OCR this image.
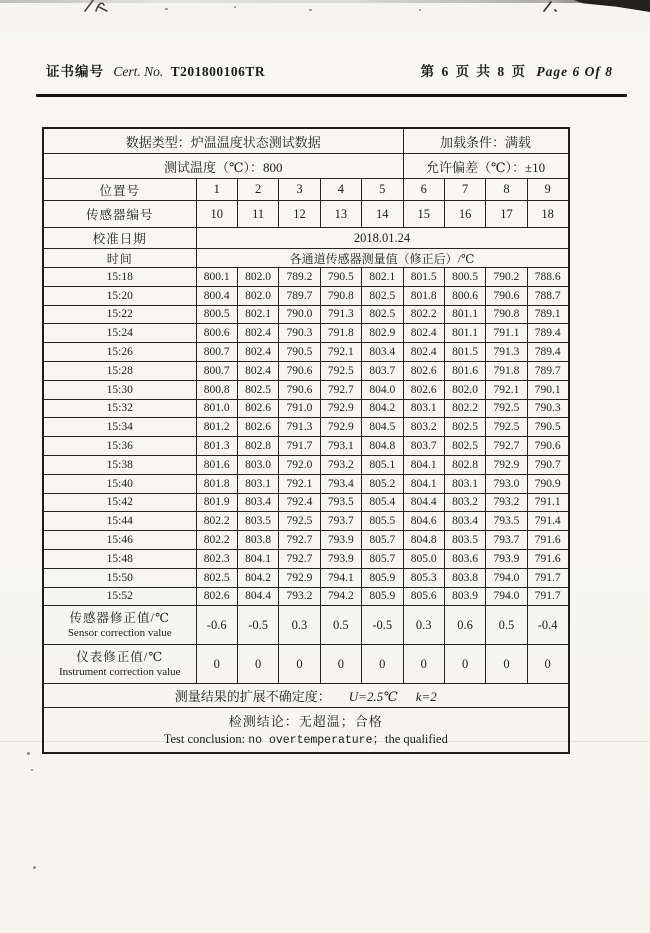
证书编号 Cert. No. T201800106TR	第 6 页 共 8 页 Page 6 Of 8
数据类型：炉温温度状态测试数据						加载条件：满载			
测试温度（℃）：800						允许偏差（℃）：±10			
位置号	1	2	3	4	5	6	7	8	9
传感器编号	10	11	12	13	14	15	16	17	18
校准日期	2018.01.24								
时间	各通道传感器测量值（修正后）/℃								
15:18	800.1	802.0	789.2	790.5	802.1	801.5	800.5	790.2	788.6
15:20	800.4	802.0	789.7	790.8	802.5	801.8	800.6	790.6	788.7
15:22	800.5	802.1	790.0	791.3	802.5	802.2	801.1	790.8	789.1
15:24	800.6	802.4	790.3	791.8	802.9	802.4	801.1	791.1	789.4
15:26	800.7	802.4	790.5	792.1	803.4	802.4	801.5	791.3	789.4
15:28	800.7	802.4	790.6	792.5	803.7	802.6	801.6	791.8	789.7
15:30	800.8	802.5	790.6	792.7	804.0	802.6	802.0	792.1	790.1
15:32	801.0	802.6	791.0	792.9	804.2	803.1	802.2	792.5	790.3
15:34	801.2	802.6	791.3	792.9	804.5	803.2	802.5	792.5	790.5
15:36	801.3	802.8	791.7	793.1	804.8	803.7	802.5	792.7	790.6
15:38	801.6	803.0	792.0	793.2	805.1	804.1	802.8	792.9	790.7
15:40	801.8	803.1	792.1	793.4	805.2	804.1	803.1	793.0	790.9
15:42	801.9	803.4	792.4	793.5	805.4	804.4	803.2	793.2	791.1
15:44	802.2	803.5	792.5	793.7	805.5	804.6	803.4	793.5	791.4
15:46	802.2	803.8	792.7	793.9	805.7	804.8	803.5	793.7	791.6
15:48	802.3	804.1	792.7	793.9	805.7	805.0	803.6	793.9	791.6
15:50	802.5	804.2	792.9	794.1	805.9	805.3	803.8	794.0	791.7
15:52	802.6	804.4	793.2	794.2	805.9	805.6	803.9	794.0	791.7

传感器修正值/℃
Sensor correction value	-0.6	-0.5	0.3	0.5	-0.5	0.3	0.6	0.5	-0.4

仪表修正值/℃
Instrument correction value	0	0	0	0	0	0	0	0	0
测量结果的扩展不确定度： U=2.5℃ k=2									

检测结论：无超温；合格
Test conclusion: no overtemperature；the qualified									
